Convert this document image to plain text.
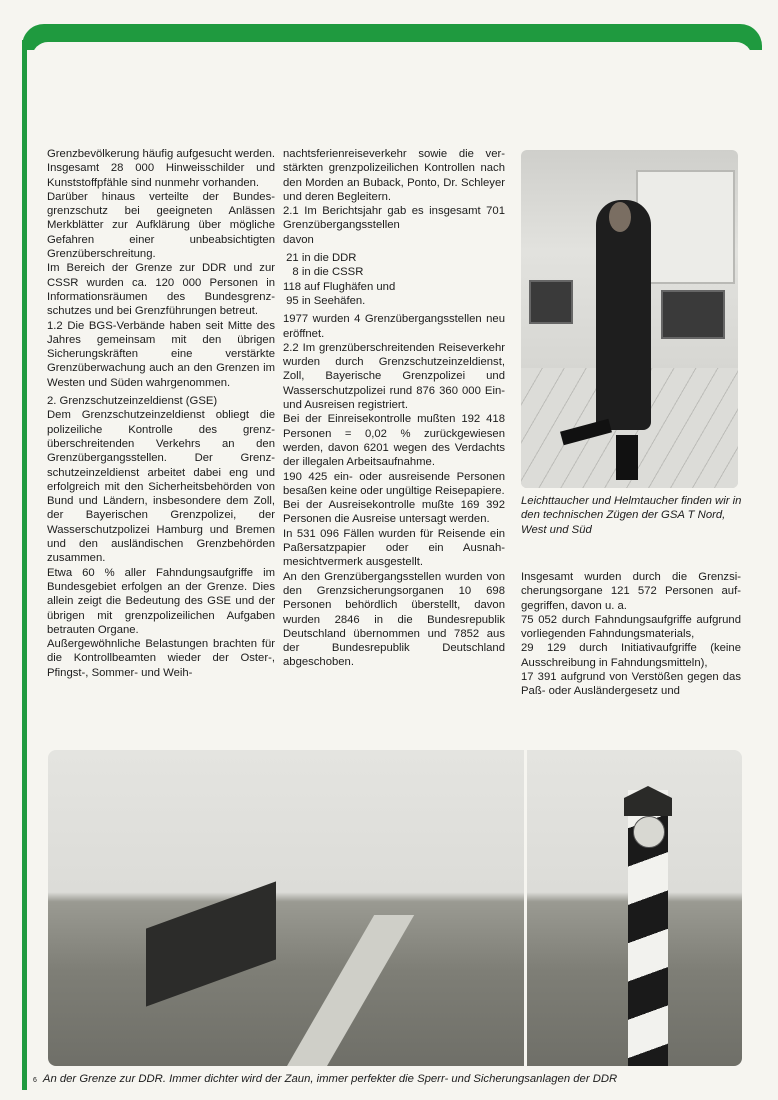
Grenzbevölkerung häufig aufgesucht werden. Insgesamt 28 000 Hinweisschilder und Kunststoffpfähle sind nunmehr vorhanden.

Darüber hinaus verteilte der Bundesgrenzschutz bei geeigneten Anlässen Merkblätter zur Aufklärung über mögliche Gefahren einer unbeabsichtigten Grenzüberschreitung.

Im Bereich der Grenze zur DDR und zur CSSR wurden ca. 120 000 Personen in Informationsräumen des Bundesgrenzschutzes und bei Grenzführungen betreut.

1.2 Die BGS-Verbände haben seit Mitte des Jahres gemeinsam mit den übrigen Sicherungskräften eine verstärkte Grenzüberwachung auch an den Grenzen im Westen und Süden wahrgenommen.

2. Grenzschutzeinzeldienst (GSE)

Dem Grenzschutzeinzeldienst obliegt die polizeiliche Kontrolle des grenzüberschreitenden Verkehrs an den Grenzübergangsstellen. Der Grenzschutzeinzeldienst arbeitet dabei eng und erfolgreich mit den Sicherheitsbehörden von Bund und Ländern, insbesondere dem Zoll, der Bayerischen Grenzpolizei, der Wasserschutzpolizei Hamburg und Bremen und den ausländischen Grenzbehörden zusammen.

Etwa 60 % aller Fahndungsaufgriffe im Bundesgebiet erfolgen an der Grenze. Dies allein zeigt die Bedeutung des GSE und der übrigen mit grenzpolizeilichen Aufgaben betrauten Organe.

Außergewöhnliche Belastungen brachten für die Kontrollbeamten wieder der Oster-, Pfingst-, Sommer- und Weih-

nachtsferienreiseverkehr sowie die verstärkten grenzpolizeilichen Kontrollen nach den Morden an Buback, Ponto, Dr. Schleyer und deren Begleitern.

2.1 Im Berichtsjahr gab es insgesamt 701 Grenzübergangsstellen

davon

21 in die DDR
8 in die CSSR
118 auf Flughäfen und
95 in Seehäfen.

1977 wurden 4 Grenzübergangsstellen neu eröffnet.

2.2 Im grenzüberschreitenden Reiseverkehr wurden durch Grenzschutzeinzeldienst, Zoll, Bayerische Grenzpolizei und Wasserschutzpolizei rund 876 360 000 Ein- und Ausreisen registriert.

Bei der Einreisekontrolle mußten 192 418 Personen = 0,02 % zurückgewiesen werden, davon 6201 wegen des Verdachts der illegalen Arbeitsaufnahme.

190 425 ein- oder ausreisende Personen besaßen keine oder ungültige Reisepapiere.

Bei der Ausreisekontrolle mußte 169 392 Personen die Ausreise untersagt werden.

In 531 096 Fällen wurden für Reisende ein Paßersatzpapier oder ein Ausnahmesichtvermerk ausgestellt.

An den Grenzübergangsstellen wurden von den Grenzsicherungsorganen 10 698 Personen behördlich überstellt, davon wurden 2846 in die Bundesrepublik Deutschland übernommen und 7852 aus der Bundesrepublik Deutschland abgeschoben.

Leichttaucher und Helmtaucher finden wir in den technischen Zügen der GSA T Nord, West und Süd

Insgesamt wurden durch die Grenzsicherungsorgane 121 572 Personen aufgegriffen, davon u. a.

75 052 durch Fahndungsaufgriffe aufgrund vorliegenden Fahndungsmaterials,

29 129 durch Initiativaufgriffe (keine Ausschreibung in Fahndungsmitteln),

17 391 aufgrund von Verstößen gegen das Paß- oder Ausländergesetz und

6 An der Grenze zur DDR. Immer dichter wird der Zaun, immer perfekter die Sperr- und Sicherungsanlagen der DDR
